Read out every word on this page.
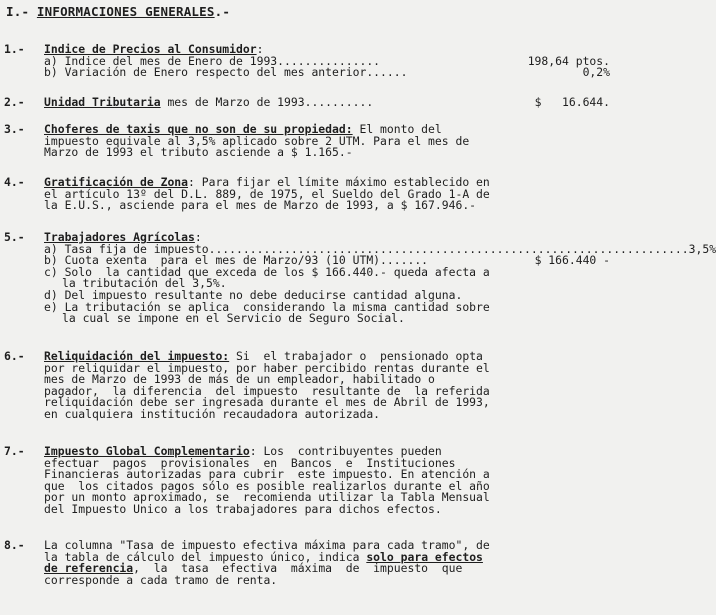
I.- INFORMACIONES GENERALES.-
1.- Indice de Precios al Consumidor:
a) Indice del mes de Enero de 1993 ...............	198,64 ptos.
b) Variación de Enero respecto del mes anterior ......	0,2%
2.- Unidad Tributaria mes de Marzo de 1993 ..........	$   16.644.
3.- Choferes de taxis que no son de su propiedad: El monto del
impuesto equivale al 3,5% aplicado sobre 2 UTM. Para el mes de
Marzo de 1993 el tributo asciende a $ 1.165.-
4.- Gratificación de Zona: Para fijar el límite máximo establecido en
el artículo 13º del D.L. 889, de 1975, el Sueldo del Grado 1-A de
la E.U.S., asciende para el mes de Marzo de 1993, a $ 167.946.-
5.- Trabajadores Agrícolas:
a) Tasa fija de impuesto ...................................................................... 3,5%
b) Cuota exenta  para el mes de Marzo/93 (10 UTM) .......	$ 166.440 -
c) Solo  la cantidad que exceda de los $ 166.440.- queda afecta a
la tributación del 3,5%.
d) Del impuesto resultante no debe deducirse cantidad alguna.
e) La tributación se aplica  considerando la misma cantidad sobre
la cual se impone en el Servicio de Seguro Social.
6.- Reliquidación del impuesto: Si  el trabajador o  pensionado opta
por reliquidar el impuesto, por haber percibido rentas durante el
mes de Marzo de 1993 de más de un empleador, habilitado o
pagador,  la diferencia  del impuesto  resultante de  la referida
reliquidación debe ser ingresada durante el mes de Abril de 1993,
en cualquiera institución recaudadora autorizada.
7.- Impuesto Global Complementario: Los  contribuyentes pueden
efectuar  pagos  provisionales  en  Bancos  e  Instituciones
Financieras autorizadas para cubrir  este impuesto. En atención a
que  los citados pagos sólo es posible realizarlos durante el año
por un monto aproximado, se  recomienda utilizar la Tabla Mensual
del Impuesto Unico a los trabajadores para dichos efectos.
8.- La columna "Tasa de impuesto efectiva máxima para cada tramo", de
la tabla de cálculo del impuesto único, indica solo para efectos
de referencia,  la  tasa  efectiva  máxima  de  impuesto  que
corresponde a cada tramo de renta.
